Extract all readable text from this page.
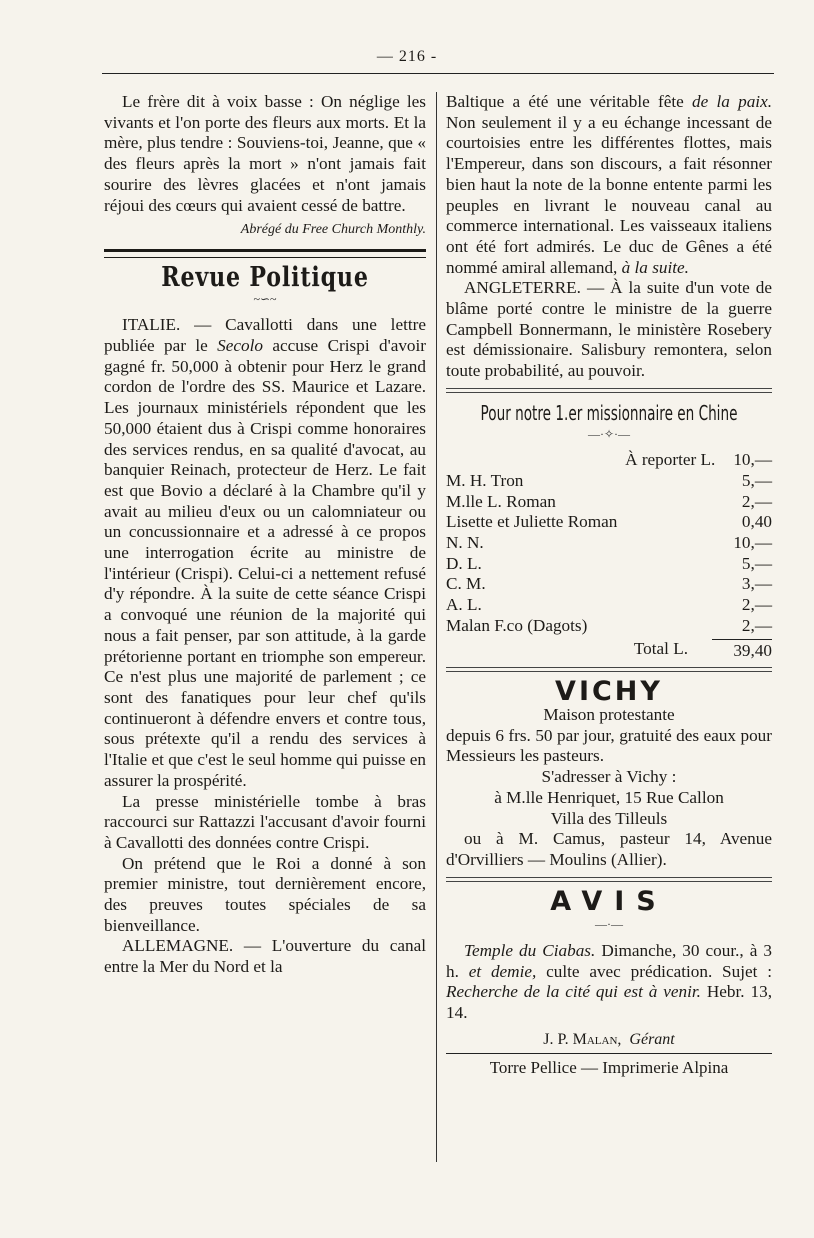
— 216 -

Le frère dit à voix basse : On néglige les vivants et l'on porte des fleurs aux morts. Et la mère, plus tendre : Souviens-toi, Jeanne, que « des fleurs après la mort » n'ont jamais fait sourire des lèvres glacées et n'ont jamais réjoui des cœurs qui avaient cessé de battre.

Abrégé du Free Church Monthly.

Revue Politique

~∽~

ITALIE. — Cavallotti dans une lettre publiée par le Secolo accuse Crispi d'avoir gagné fr. 50,000 à obtenir pour Herz le grand cordon de l'ordre des SS. Maurice et Lazare. Les journaux ministériels répondent que les 50,000 étaient dus à Crispi comme honoraires des services rendus, en sa qualité d'avocat, au banquier Reinach, protecteur de Herz. Le fait est que Bovio a déclaré à la Chambre qu'il y avait au milieu d'eux ou un calomniateur ou un concussionnaire et a adressé à ce propos une interrogation écrite au ministre de l'intérieur (Crispi). Celui-ci a nettement refusé d'y répondre. À la suite de cette séance Crispi a convoqué une réunion de la majorité qui nous a fait penser, par son attitude, à la garde prétorienne portant en triomphe son empereur. Ce n'est plus une majorité de parlement ; ce sont des fanatiques pour leur chef qu'ils continueront à défendre envers et contre tous, sous prétexte qu'il a rendu des services à l'Italie et que c'est le seul homme qui puisse en assurer la prospérité.

La presse ministérielle tombe à bras raccourci sur Rattazzi l'accusant d'avoir fourni à Cavallotti des données contre Crispi.

On prétend que le Roi a donné à son premier ministre, tout dernièrement encore, des preuves toutes spéciales de sa bienveillance.

ALLEMAGNE. — L'ouverture du canal entre la Mer du Nord et la

Baltique a été une véritable fête de la paix. Non seulement il y a eu échange incessant de courtoisies entre les différentes flottes, mais l'Empereur, dans son discours, a fait résonner bien haut la note de la bonne entente parmi les peuples en livrant le nouveau canal au commerce international. Les vaisseaux italiens ont été fort admirés. Le duc de Gênes a été nommé amiral allemand, à la suite.

ANGLETERRE. — À la suite d'un vote de blâme porté contre le ministre de la guerre Campbell Bonnermann, le ministère Rosebery est démissionaire. Salisbury remontera, selon toute probabilité, au pouvoir.

Pour notre 1.er missionnaire en Chine

—·✧·—

À reporter L. 10,—
M. H. Tron	5,—
M.lle L. Roman	2,—
Lisette et Juliette Roman	0,40
N. N.	10,—
D. L.	5,—
C. M.	3,—
A. L.	2,—
Malan F.co (Dagots)	2,—
Total L.	39,40

VICHY

Maison protestante

depuis 6 frs. 50 par jour, gratuité des eaux pour Messieurs les pasteurs.

S'adresser à Vichy :

à M.lle Henriquet, 15 Rue Callon

Villa des Tilleuls

ou à M. Camus, pasteur 14, Avenue d'Orvilliers — Moulins (Allier).

AVIS

—·—

Temple du Ciabas. Dimanche, 30 cour., à 3 h. et demie, culte avec prédication. Sujet : Recherche de la cité qui est à venir. Hebr. 13, 14.

J. P. Malan, Gérant

Torre Pellice — Imprimerie Alpina
